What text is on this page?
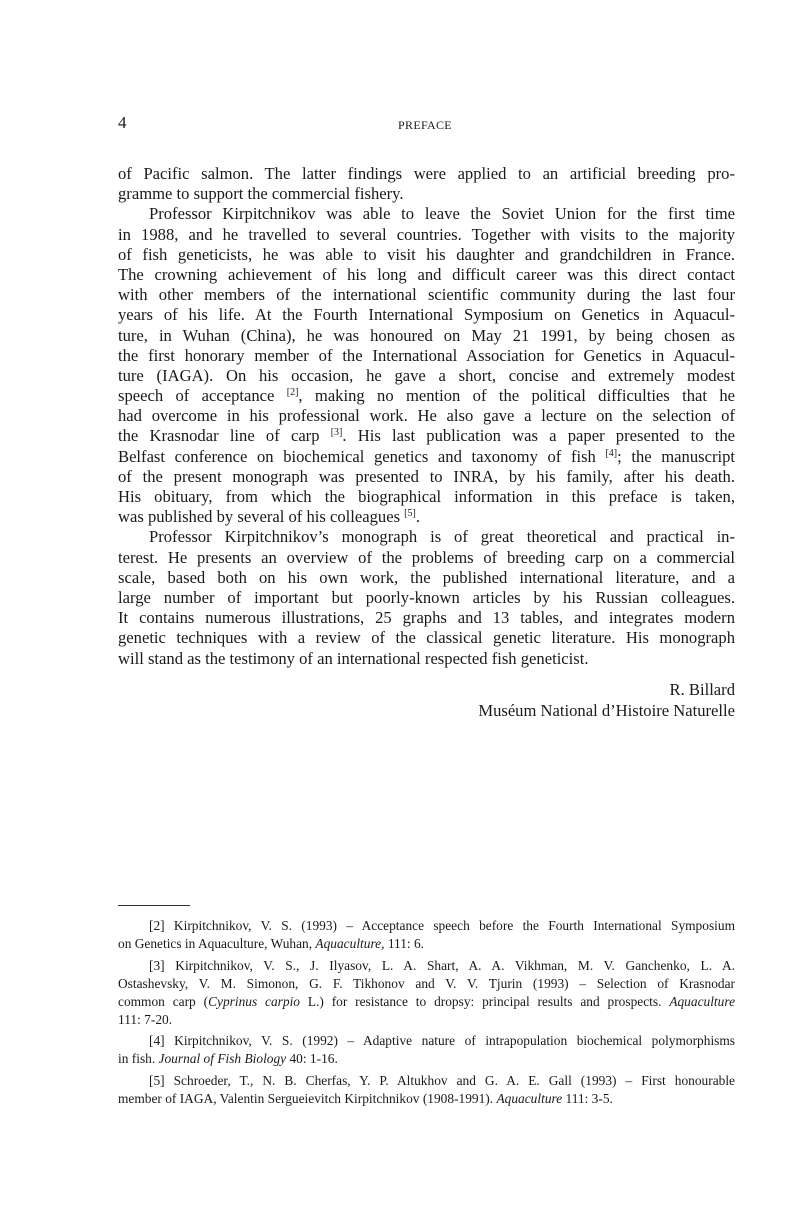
4	PREFACE
of Pacific salmon. The latter findings were applied to an artificial breeding pro-
gramme to support the commercial fishery.
Professor Kirpitchnikov was able to leave the Soviet Union for the first time
in 1988, and he travelled to several countries. Together with visits to the majority
of fish geneticists, he was able to visit his daughter and grandchildren in France.
The crowning achievement of his long and difficult career was this direct contact
with other members of the international scientific community during the last four
years of his life. At the Fourth International Symposium on Genetics in Aquacul-
ture, in Wuhan (China), he was honoured on May 21 1991, by being chosen as
the first honorary member of the International Association for Genetics in Aquacul-
ture (IAGA). On his occasion, he gave a short, concise and extremely modest
speech of acceptance [2], making no mention of the political difficulties that he
had overcome in his professional work. He also gave a lecture on the selection of
the Krasnodar line of carp [3]. His last publication was a paper presented to the
Belfast conference on biochemical genetics and taxonomy of fish [4]; the manuscript
of the present monograph was presented to INRA, by his family, after his death.
His obituary, from which the biographical information in this preface is taken,
was published by several of his colleagues [5].
Professor Kirpitchnikov’s monograph is of great theoretical and practical in-
terest. He presents an overview of the problems of breeding carp on a commercial
scale, based both on his own work, the published international literature, and a
large number of important but poorly-known articles by his Russian colleagues.
It contains numerous illustrations, 25 graphs and 13 tables, and integrates modern
genetic techniques with a review of the classical genetic literature. His monograph
will stand as the testimony of an international respected fish geneticist.
R. Billard
Muséum National d’Histoire Naturelle
[2] Kirpitchnikov, V. S. (1993) – Acceptance speech before the Fourth International Symposium
on Genetics in Aquaculture, Wuhan, Aquaculture, 111: 6.
[3] Kirpitchnikov, V. S., J. Ilyasov, L. A. Shart, A. A. Vikhman, M. V. Ganchenko, L. A.
Ostashevsky, V. M. Simonon, G. F. Tikhonov and V. V. Tjurin (1993) – Selection of Krasnodar
common carp (Cyprinus carpio L.) for resistance to dropsy: principal results and prospects. Aquaculture
111: 7-20.
[4] Kirpitchnikov, V. S. (1992) – Adaptive nature of intrapopulation biochemical polymorphisms
in fish. Journal of Fish Biology 40: 1-16.
[5] Schroeder, T., N. B. Cherfas, Y. P. Altukhov and G. A. E. Gall (1993) – First honourable
member of IAGA, Valentin Sergueievitch Kirpitchnikov (1908-1991). Aquaculture 111: 3-5.
